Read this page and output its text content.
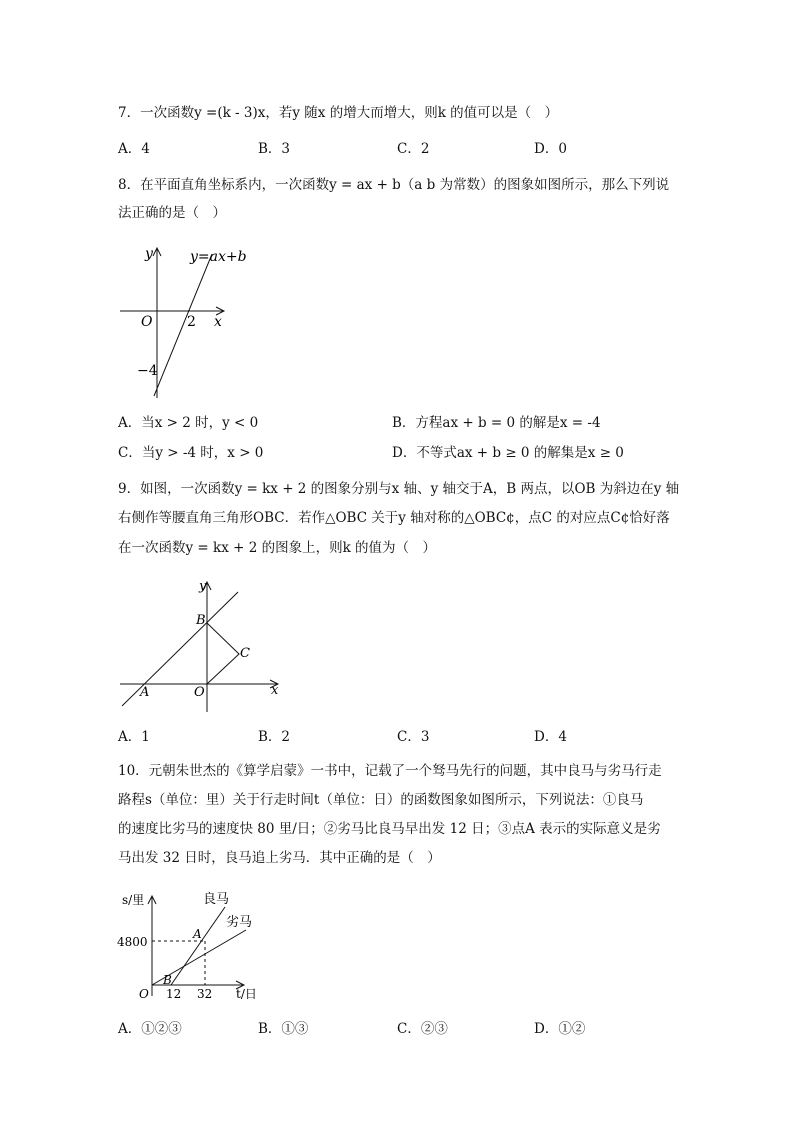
7．一次函数y =(k - 3)x，若y 随x 的增大而增大，则k 的值可以是（　）
A．4	B．3	C．2	D．0
8．在平面直角坐标系内，一次函数y = ax + b（a b 为常数）的图象如图所示，那么下列说
法正确的是（　）
y
x
O 2
−4
y=ax+b
A．当x > 2 时，y < 0	B．方程ax + b = 0 的解是x = -4
C．当y > -4 时，x > 0	D．不等式ax + b ≥ 0 的解集是x ≥ 0
9．如图，一次函数y = kx + 2 的图象分别与x 轴、y 轴交于A，B 两点，以OB 为斜边在y 轴
右侧作等腰直角三角形OBC．若作△OBC 关于y 轴对称的△OBC¢，点C 的对应点C¢恰好落
在一次函数y = kx + 2 的图象上，则k 的值为（　）
y
x
B
C
A	O
A．1	B．2	C．3	D．4
10．元朝朱世杰的《算学启蒙》一书中，记载了一个驽马先行的问题，其中良马与劣马行走
路程s（单位：里）关于行走时间t（单位：日）的函数图象如图所示，下列说法：①良马
的速度比劣马的速度快 80 里/日；②劣马比良马早出发 12 日；③点A 表示的实际意义是劣
马出发 32 日时，良马追上劣马．其中正确的是（　）
s/里
t/日
4800
O 12 32
A
B
良马
劣马
A．①②③	B．①③	C．②③	D．①②
